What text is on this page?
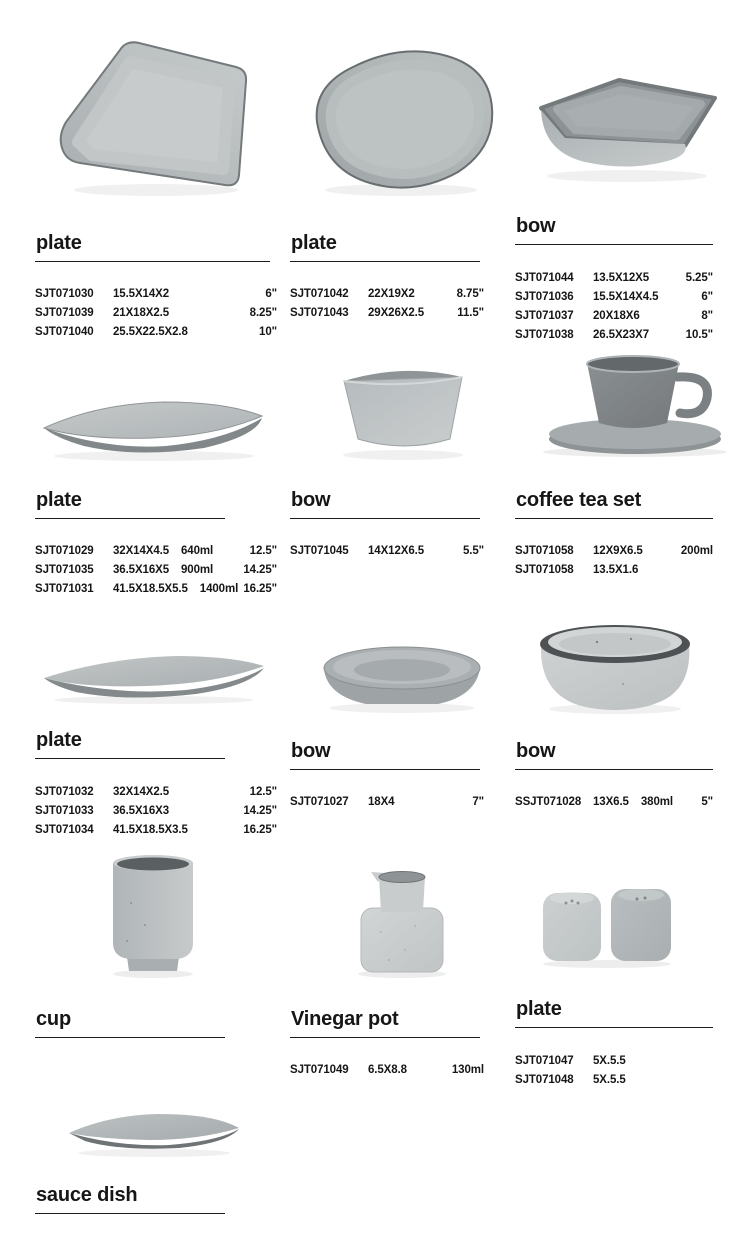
plate
SJT071030	15.5X14X2	6"
SJT071039	21X18X2.5	8.25"
SJT071040	25.5X22.5X2.8	10"
plate
SJT071042	22X19X2	8.75"
SJT071043	29X26X2.5	11.5"
bow
SJT071044	13.5X12X5	5.25"
SJT071036	15.5X14X4.5	6"
SJT071037	20X18X6	8"
SJT071038	26.5X23X7	10.5"
plate
SJT071029	32X14X4.5 640ml	12.5"
SJT071035	36.5X16X5 900ml	14.25"
SJT071031	41.5X18.5X5.5 1400ml 16.25"
bow
SJT071045	14X12X6.5	5.5"
coffee tea set
SJT071058	12X9X6.5	200ml
SJT071058	13.5X1.6
plate
SJT071032	32X14X2.5	12.5"
SJT071033	36.5X16X3	14.25"
SJT071034	41.5X18.5X3.5	16.25"
bow
SJT071027	18X4	7"
bow
SSJT071028	13X6.5 380ml 5"
cup	Vinegar pot
SJT071049	6.5X8.8	130ml
plate
SJT071047	5X.5.5
SJT071048	5X.5.5
sauce dish
